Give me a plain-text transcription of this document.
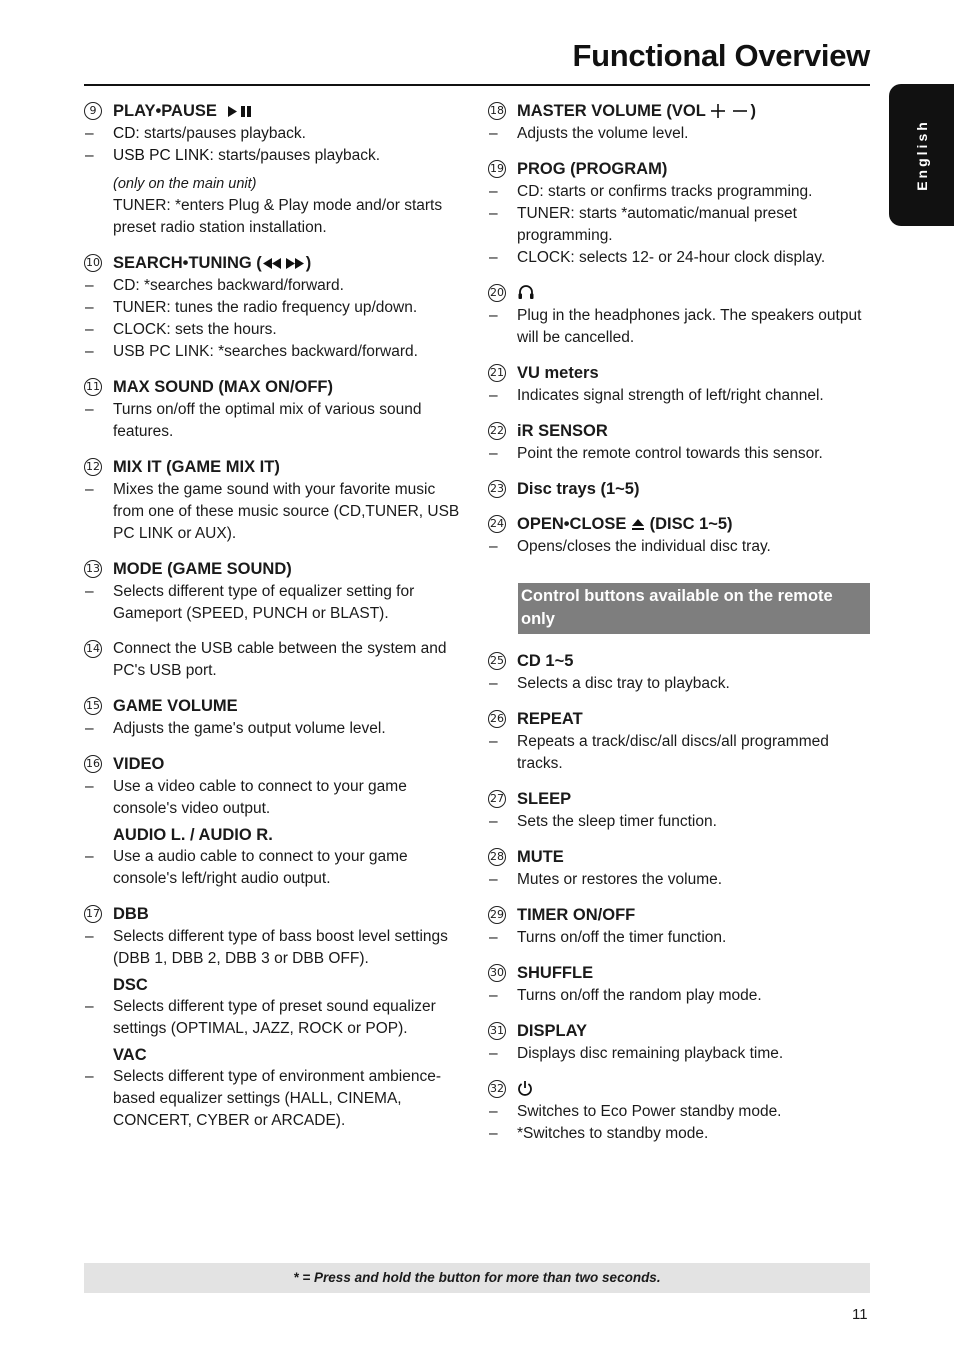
Functional Overview
English
9	PLAY•PAUSE
– CD: starts/pauses playback.
– USB PC LINK: starts/pauses playback.
(only on the main unit)
TUNER: *enters Plug & Play mode and/or starts preset radio station installation.
10 SEARCH•TUNING (	)
– CD: *searches backward/forward.
– TUNER: tunes the radio frequency up/down.
– CLOCK: sets the hours.
– USB PC LINK: *searches backward/forward.
11 MAX SOUND (MAX ON/OFF)
– Turns on/off the optimal mix of various sound features.
12 MIX IT (GAME MIX IT)
– Mixes the game sound with your favorite music from one of these music source (CD,TUNER, USB PC LINK or AUX).
13 MODE (GAME SOUND)
– Selects different type of equalizer setting for Gameport (SPEED, PUNCH or BLAST).
14 Connect the USB cable between the system and PC's USB port.
15 GAME VOLUME
– Adjusts the game's output volume level.
16 VIDEO
– Use a video cable to connect to your game console's video output.
AUDIO L. / AUDIO R.
– Use a audio cable to connect to your game console's left/right audio output.
17 DBB
– Selects different type of bass boost level settings (DBB 1, DBB 2, DBB 3 or DBB OFF).
DSC
– Selects different type of preset sound equalizer settings (OPTIMAL, JAZZ, ROCK or POP).
VAC
– Selects different type of environment ambience-based equalizer settings (HALL, CINEMA, CONCERT, CYBER or ARCADE).
18 MASTER VOLUME (VOL	)
– Adjusts the volume level.
19 PROG (PROGRAM)
– CD: starts or confirms tracks programming.
– TUNER: starts *automatic/manual preset programming.
– CLOCK: selects 12- or 24-hour clock display.
20
– Plug in the headphones jack. The speakers output will be cancelled.
21 VU meters
– Indicates signal strength of left/right channel.
22 iR SENSOR
– Point the remote control towards this sensor.
23 Disc trays (1~5)
24 OPEN•CLOSE  (DISC 1~5)
– Opens/closes the individual disc tray.
Control buttons available on the remote only
25 CD 1~5
– Selects a disc tray to playback.
26 REPEAT
– Repeats a track/disc/all discs/all programmed tracks.
27 SLEEP
– Sets the sleep timer function.
28 MUTE
– Mutes or restores the volume.
29 TIMER ON/OFF
– Turns on/off the timer function.
30 SHUFFLE
– Turns on/off the random play mode.
31 DISPLAY
– Displays disc remaining playback time.
32
– Switches to Eco Power standby mode.
– *Switches to standby mode.
* = Press and hold the button for more than two seconds.
11
